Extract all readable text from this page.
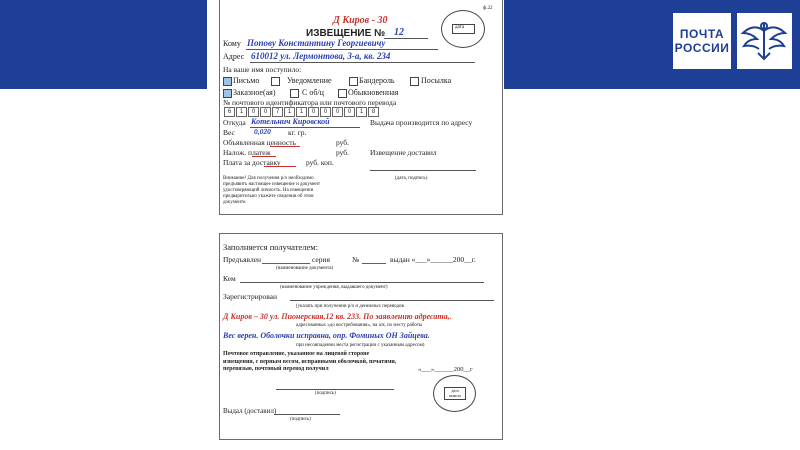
ПОЧТА
РОССИИ
ф.22
Д Киров - 30
ИЗВЕЩЕНИЕ № 12	дата
Кому Попову Константину Георгиевичу
Адрес 610012 ул. Лермонтова, 3-а, кв. 234
На ваше имя поступило:
Письмо	Уведомление	Бандероль	Посылка
Заказное(ая)	С об/ц	Обыкновенная
№ почтового идентификатора или почтового перевода
6	1	0	0	7	1	1	0	0	0	0	1	8
Откуда Котельнич Кировской	Выдача производится по адресу
Вес	0,020 кг. гр.
Объявленная ценность	руб.
Налож. платеж	руб.	Извещение доставил
Плата за доставку	руб. коп.
(дата, подпись)
Внимание! Для получения р/о необходимо предъявить настоящее извещение и документ удостоверяющий личность. На извещении предварительно укажите сведения об этом документе.
Заполняется получателем:
Предъявлен	серия	№	выдан «___»______200__г.
(наименование документа)
Кем
(наименование учреждения, выдавшего документ)
Зарегистрирован
(указать при получении р/о и денежных переводов
Д Киров – 30 ул. Пионерская,12 кв. 233. По заявлению адресата,.
адресованных «до востребования», на а/я, по месту работы
Вес верен. Оболочки исправна, опр. Фоминых ОН Зайцева.
при несовпадении места регистрации с указанным адресом)
Почтовое отправление, указанное на лицевой стороне извещения, с верным весом, исправными оболочкой, печатями, перевязью, почтовый перевод получил	«___»______200__г
дата вывоза
(подпись)
Выдал (доставил)
(подпись)
